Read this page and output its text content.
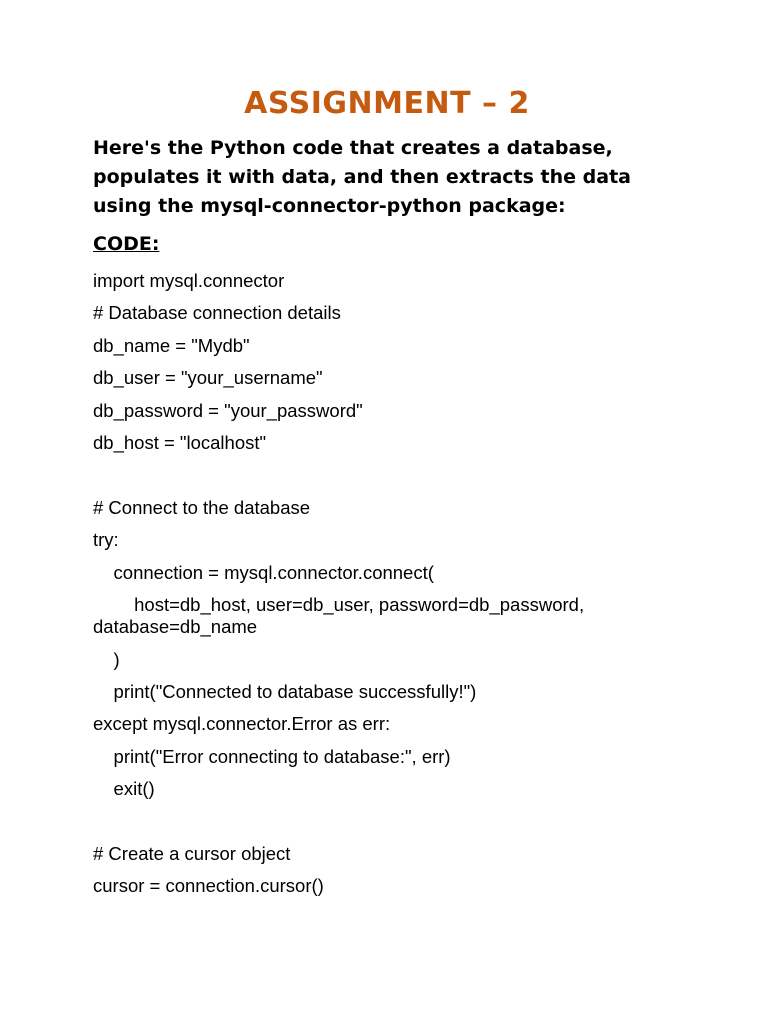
ASSIGNMENT – 2

Here's the Python code that creates a database, populates it with data, and then extracts the data using the mysql-connector-python package:

CODE:

import mysql.connector
# Database connection details
db_name = "Mydb"
db_user = "your_username"
db_password = "your_password"
db_host = "localhost"
# Connect to the database
try:
connection = mysql.connector.connect(
host=db_host, user=db_user, password=db_password, database=db_name
)
print("Connected to database successfully!")
except mysql.connector.Error as err:
print("Error connecting to database:", err)
exit()
# Create a cursor object
cursor = connection.cursor()
